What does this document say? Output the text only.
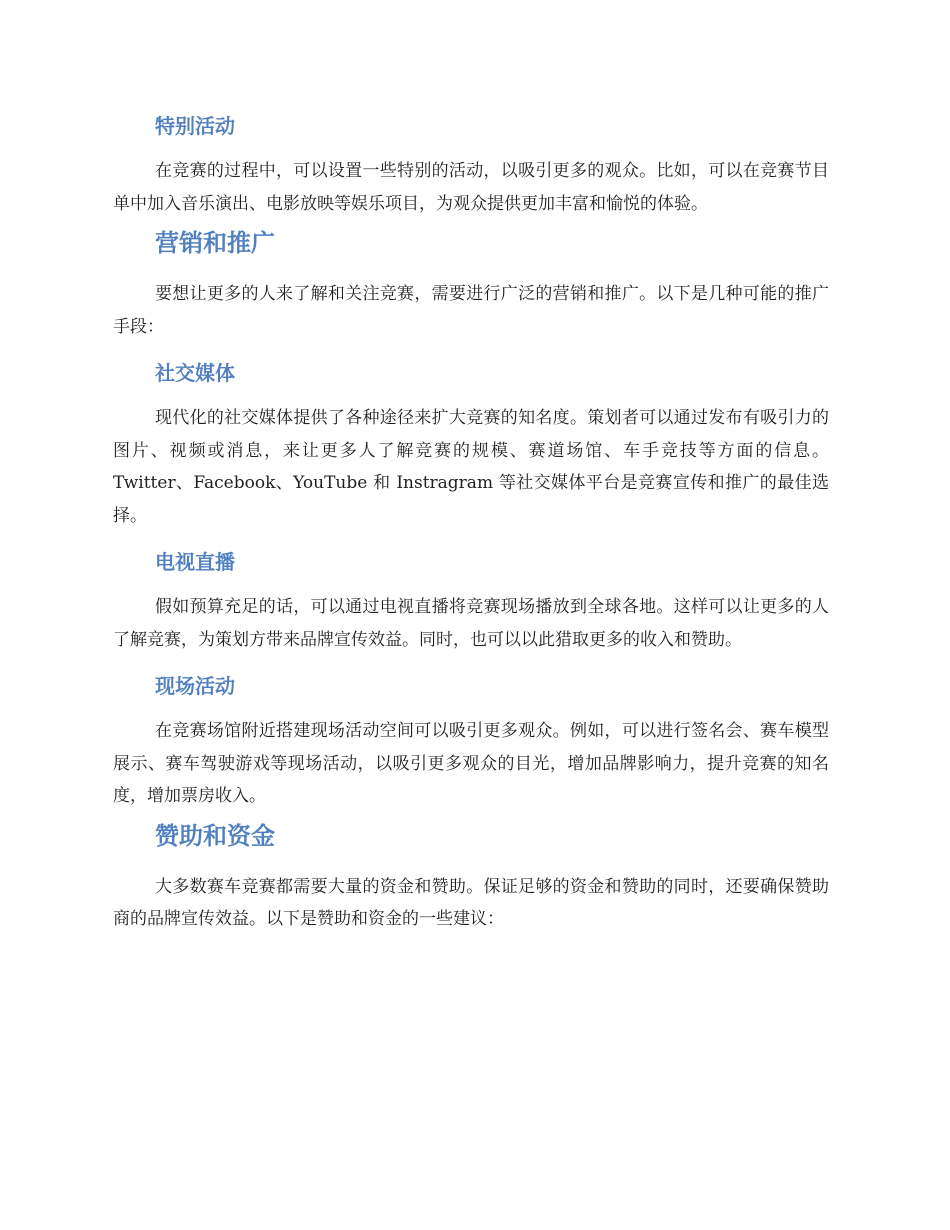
特别活动

在竞赛的过程中，可以设置一些特别的活动，以吸引更多的观众。比如，可以在竞赛节目单中加入音乐演出、电影放映等娱乐项目，为观众提供更加丰富和愉悦的体验。

营销和推广

要想让更多的人来了解和关注竞赛，需要进行广泛的营销和推广。以下是几种可能的推广手段：

社交媒体

现代化的社交媒体提供了各种途径来扩大竞赛的知名度。策划者可以通过发布有吸引力的图片、视频或消息，来让更多人了解竞赛的规模、赛道场馆、车手竞技等方面的信息。 Twitter、Facebook、YouTube 和 Instragram 等社交媒体平台是竞赛宣传和推广的最佳选择。

电视直播

假如预算充足的话，可以通过电视直播将竞赛现场播放到全球各地。这样可以让更多的人了解竞赛，为策划方带来品牌宣传效益。同时，也可以以此猎取更多的收入和赞助。

现场活动

在竞赛场馆附近搭建现场活动空间可以吸引更多观众。例如，可以进行签名会、赛车模型展示、赛车驾驶游戏等现场活动，以吸引更多观众的目光，增加品牌影响力，提升竞赛的知名度，增加票房收入。

赞助和资金

大多数赛车竞赛都需要大量的资金和赞助。保证足够的资金和赞助的同时，还要确保赞助商的品牌宣传效益。以下是赞助和资金的一些建议：
